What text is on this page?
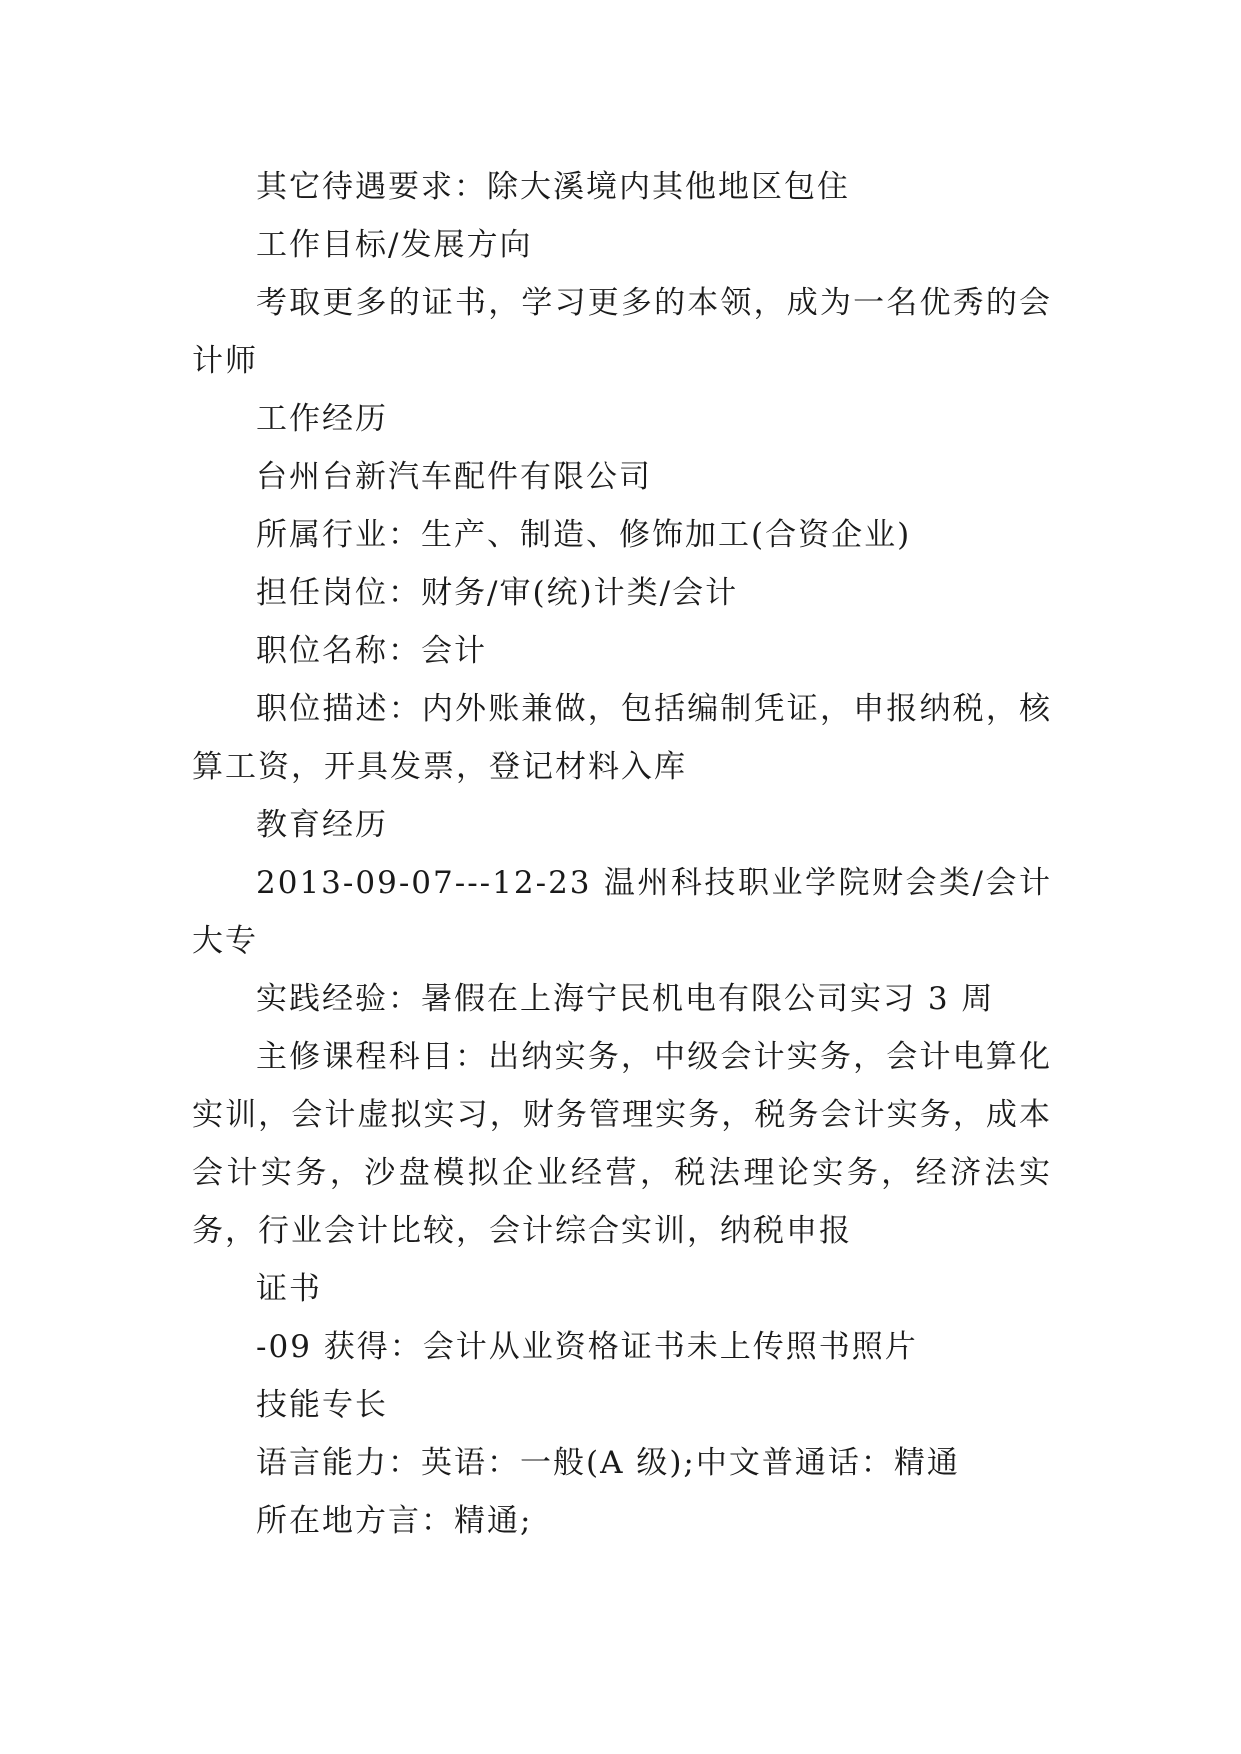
其它待遇要求：除大溪境内其他地区包住

工作目标/发展方向

考取更多的证书，学习更多的本领，成为一名优秀的会计师

工作经历

台州台新汽车配件有限公司

所属行业：生产、制造、修饰加工(合资企业)

担任岗位：财务/审(统)计类/会计

职位名称：会计

职位描述：内外账兼做，包括编制凭证，申报纳税，核算工资，开具发票，登记材料入库

教育经历

2013-09-07---12-23 温州科技职业学院财会类/会计大专

实践经验：暑假在上海宁民机电有限公司实习 3 周

主修课程科目：出纳实务，中级会计实务，会计电算化实训，会计虚拟实习，财务管理实务，税务会计实务，成本会计实务，沙盘模拟企业经营，税法理论实务，经济法实务，行业会计比较，会计综合实训，纳税申报

证书

-09 获得：会计从业资格证书未上传照书照片

技能专长

语言能力：英语：一般(A 级);中文普通话：精通

所在地方言：精通;
